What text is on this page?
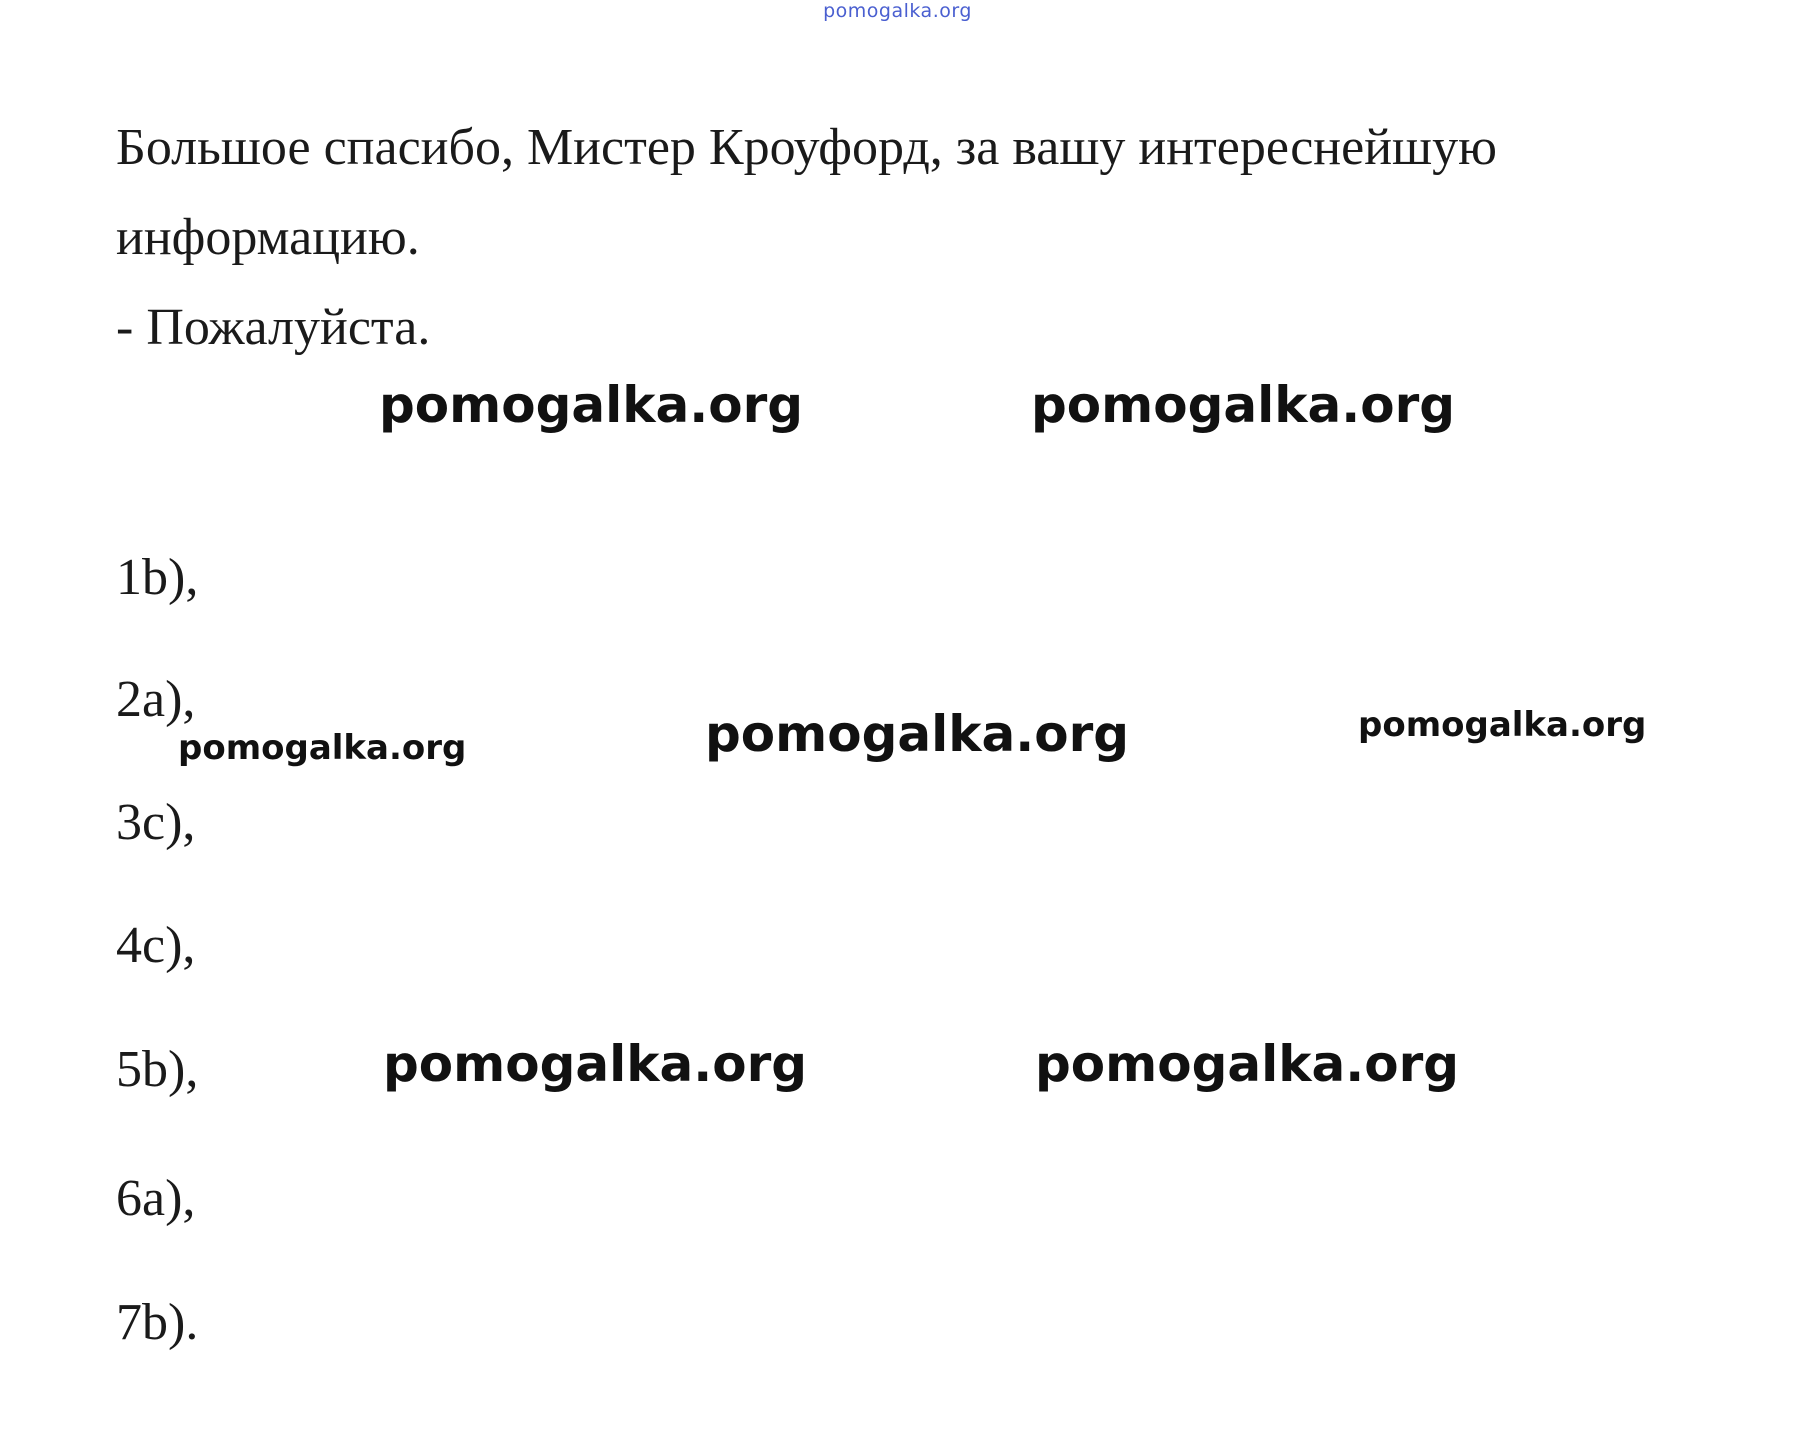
pomogalka.org
Большое спасибо, Мистер Кроуфорд, за вашу интереснейшую
информацию.
- Пожалуйста.
pomogalka.org	pomogalka.org
1b),
2a),
pomogalka.org	pomogalka.org	pomogalka.org
3c),
4c),
5b),	pomogalka.org	pomogalka.org
6a),
7b).
